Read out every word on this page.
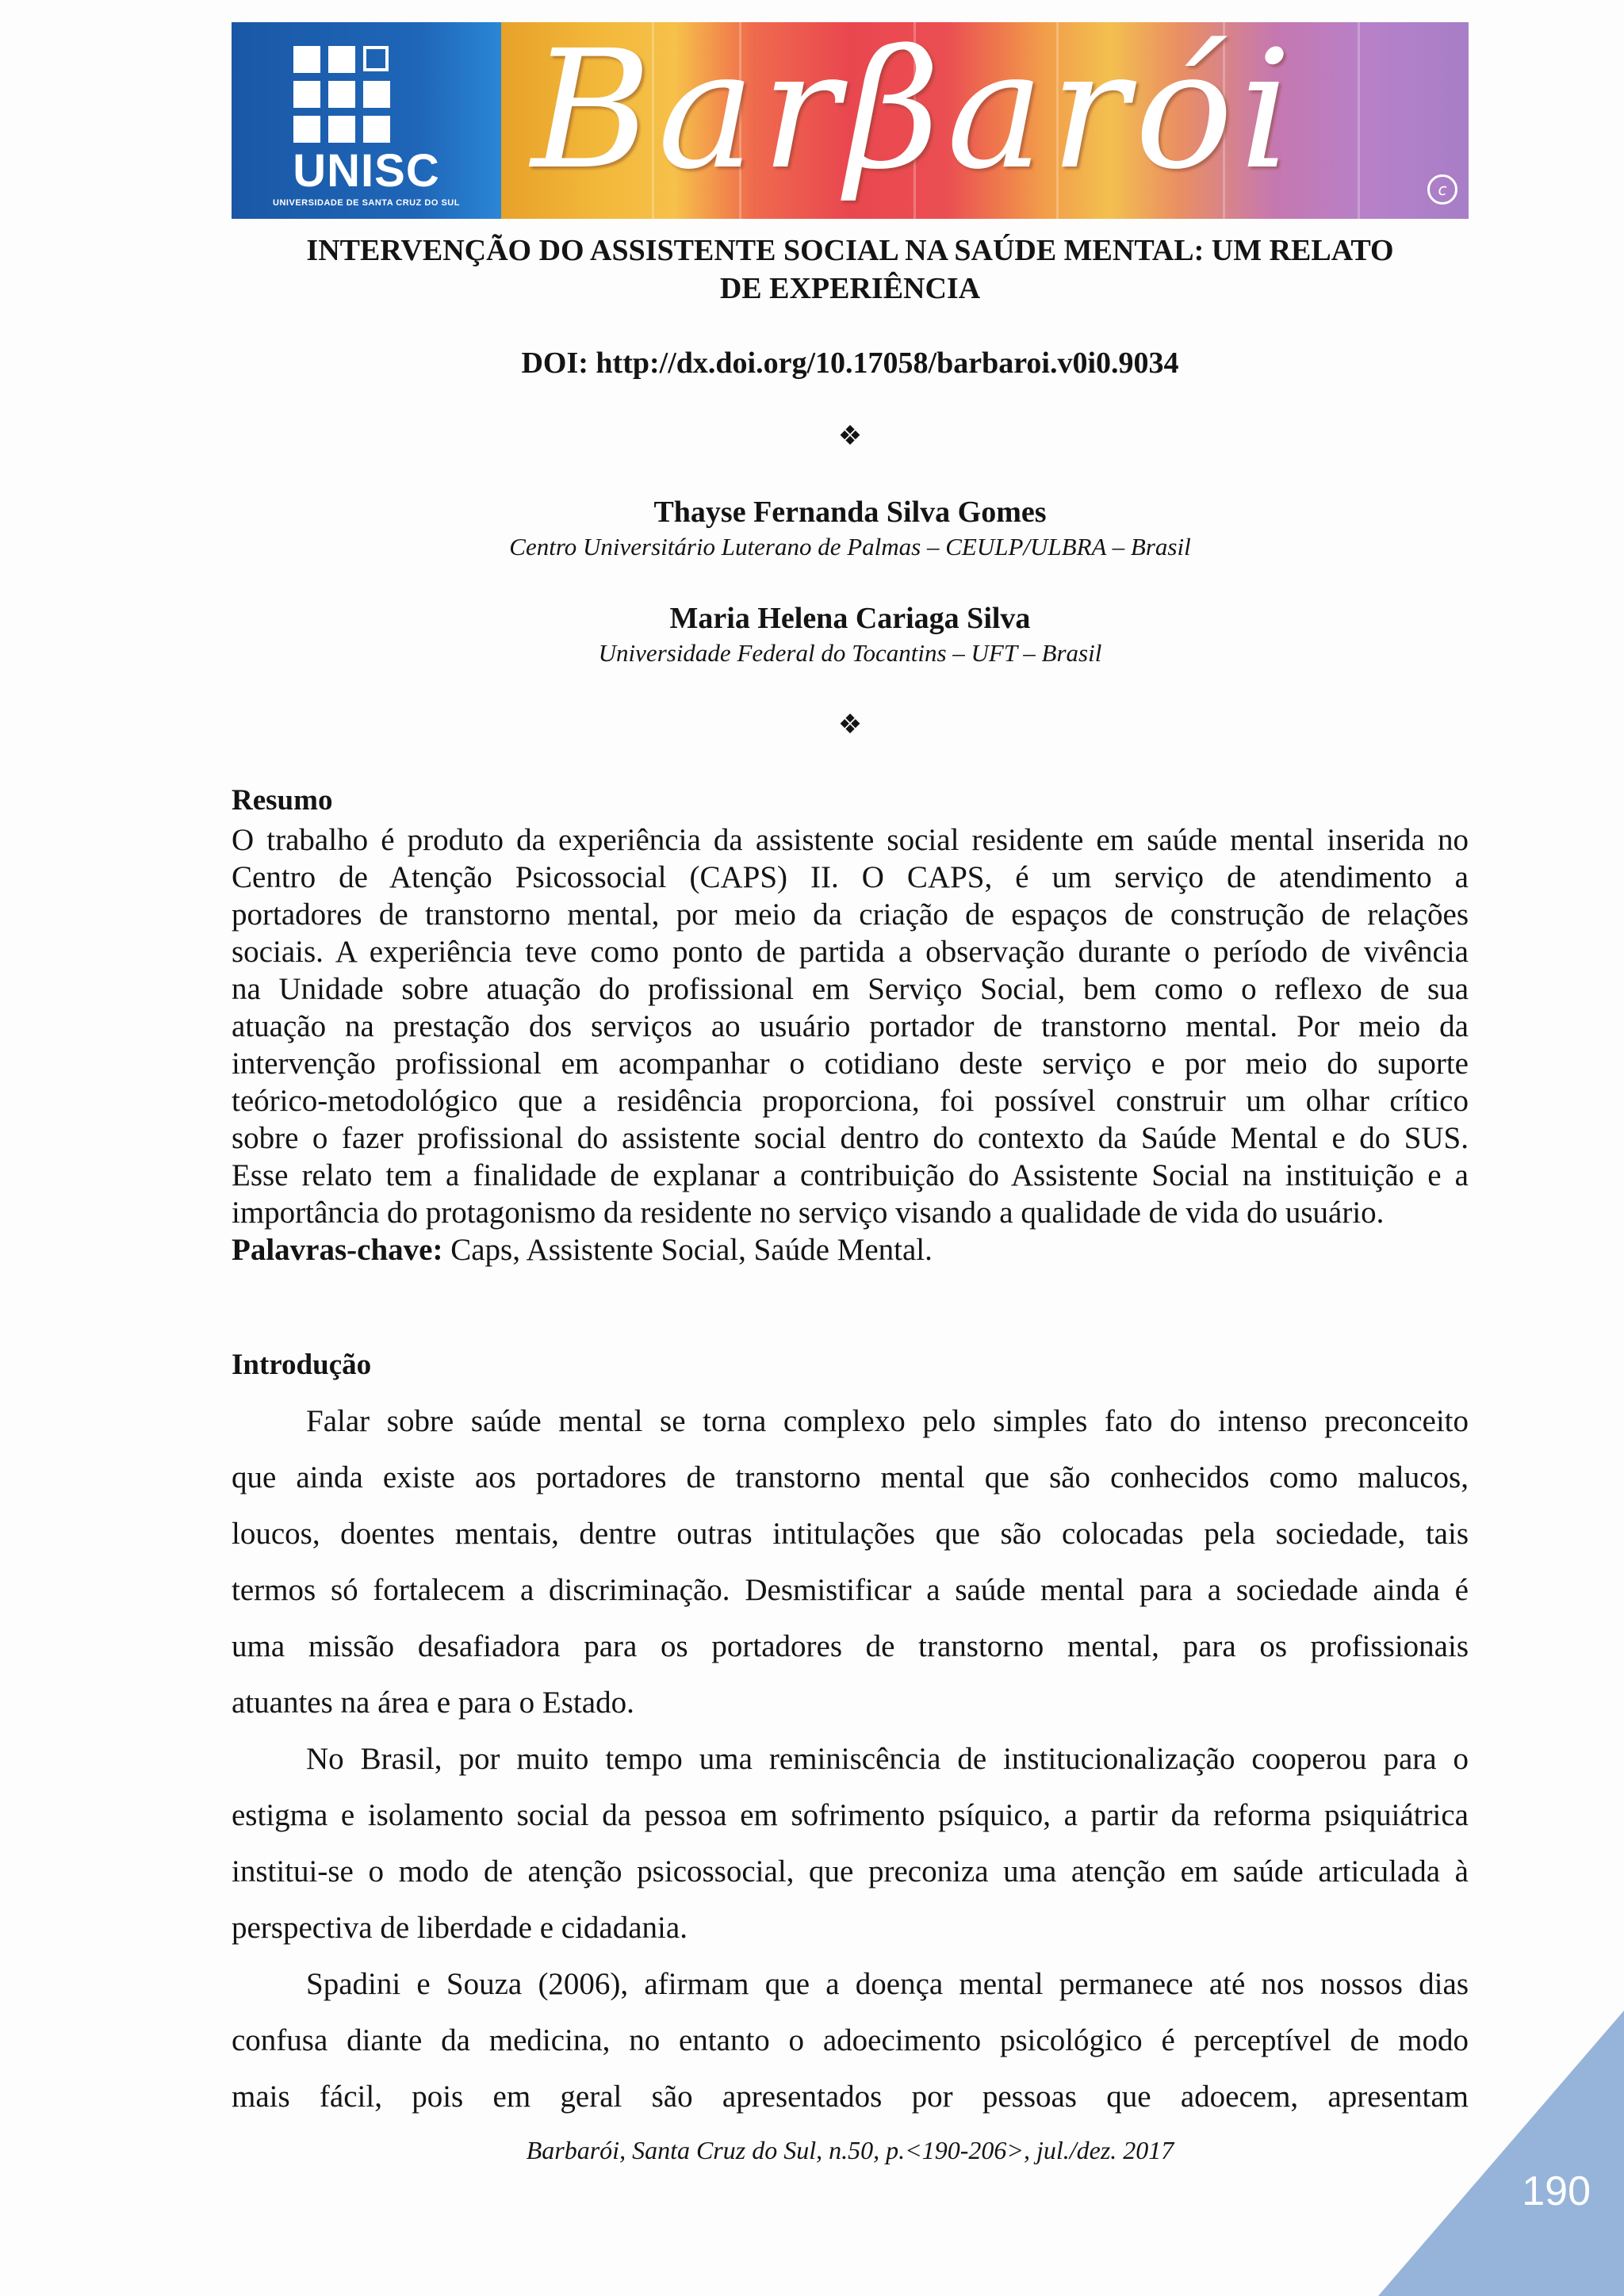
UNISC
UNIVERSIDADE DE SANTA CRUZ DO SUL Barβarói	c
INTERVENÇÃO DO ASSISTENTE SOCIAL NA SAÚDE MENTAL: UM RELATO
DE EXPERIÊNCIA
DOI: http://dx.doi.org/10.17058/barbaroi.v0i0.9034
❖
Thayse Fernanda Silva Gomes
Centro Universitário Luterano de Palmas – CEULP/ULBRA – Brasil
Maria Helena Cariaga Silva
Universidade Federal do Tocantins – UFT – Brasil
❖
Resumo
O trabalho é produto da experiência da assistente social residente em saúde mental inserida no
Centro de Atenção Psicossocial (CAPS) II. O CAPS, é um serviço de atendimento a
portadores de transtorno mental, por meio da criação de espaços de construção de relações
sociais. A experiência teve como ponto de partida a observação durante o período de vivência
na Unidade sobre atuação do profissional em Serviço Social, bem como o reflexo de sua
atuação na prestação dos serviços ao usuário portador de transtorno mental. Por meio da
intervenção profissional em acompanhar o cotidiano deste serviço e por meio do suporte
teórico-metodológico que a residência proporciona, foi possível construir um olhar crítico
sobre o fazer profissional do assistente social dentro do contexto da Saúde Mental e do SUS.
Esse relato tem a finalidade de explanar a contribuição do Assistente Social na instituição e a
importância do protagonismo da residente no serviço visando a qualidade de vida do usuário.
Palavras-chave: Caps, Assistente Social, Saúde Mental.
Introdução
Falar sobre saúde mental se torna complexo pelo simples fato do intenso preconceito
que ainda existe aos portadores de transtorno mental que são conhecidos como malucos,
loucos, doentes mentais, dentre outras intitulações que são colocadas pela sociedade, tais
termos só fortalecem a discriminação. Desmistificar a saúde mental para a sociedade ainda é
uma missão desafiadora para os portadores de transtorno mental, para os profissionais
atuantes na área e para o Estado.
No Brasil, por muito tempo uma reminiscência de institucionalização cooperou para o
estigma e isolamento social da pessoa em sofrimento psíquico, a partir da reforma psiquiátrica
institui-se o modo de atenção psicossocial, que preconiza uma atenção em saúde articulada à
perspectiva de liberdade e cidadania.
Spadini e Souza (2006), afirmam que a doença mental permanece até nos nossos dias
confusa diante da medicina, no entanto o adoecimento psicológico é perceptível de modo
mais fácil, pois em geral são apresentados por pessoas que adoecem, apresentam
Barbarói, Santa Cruz do Sul, n.50, p.<190-206>, jul./dez. 2017
190
